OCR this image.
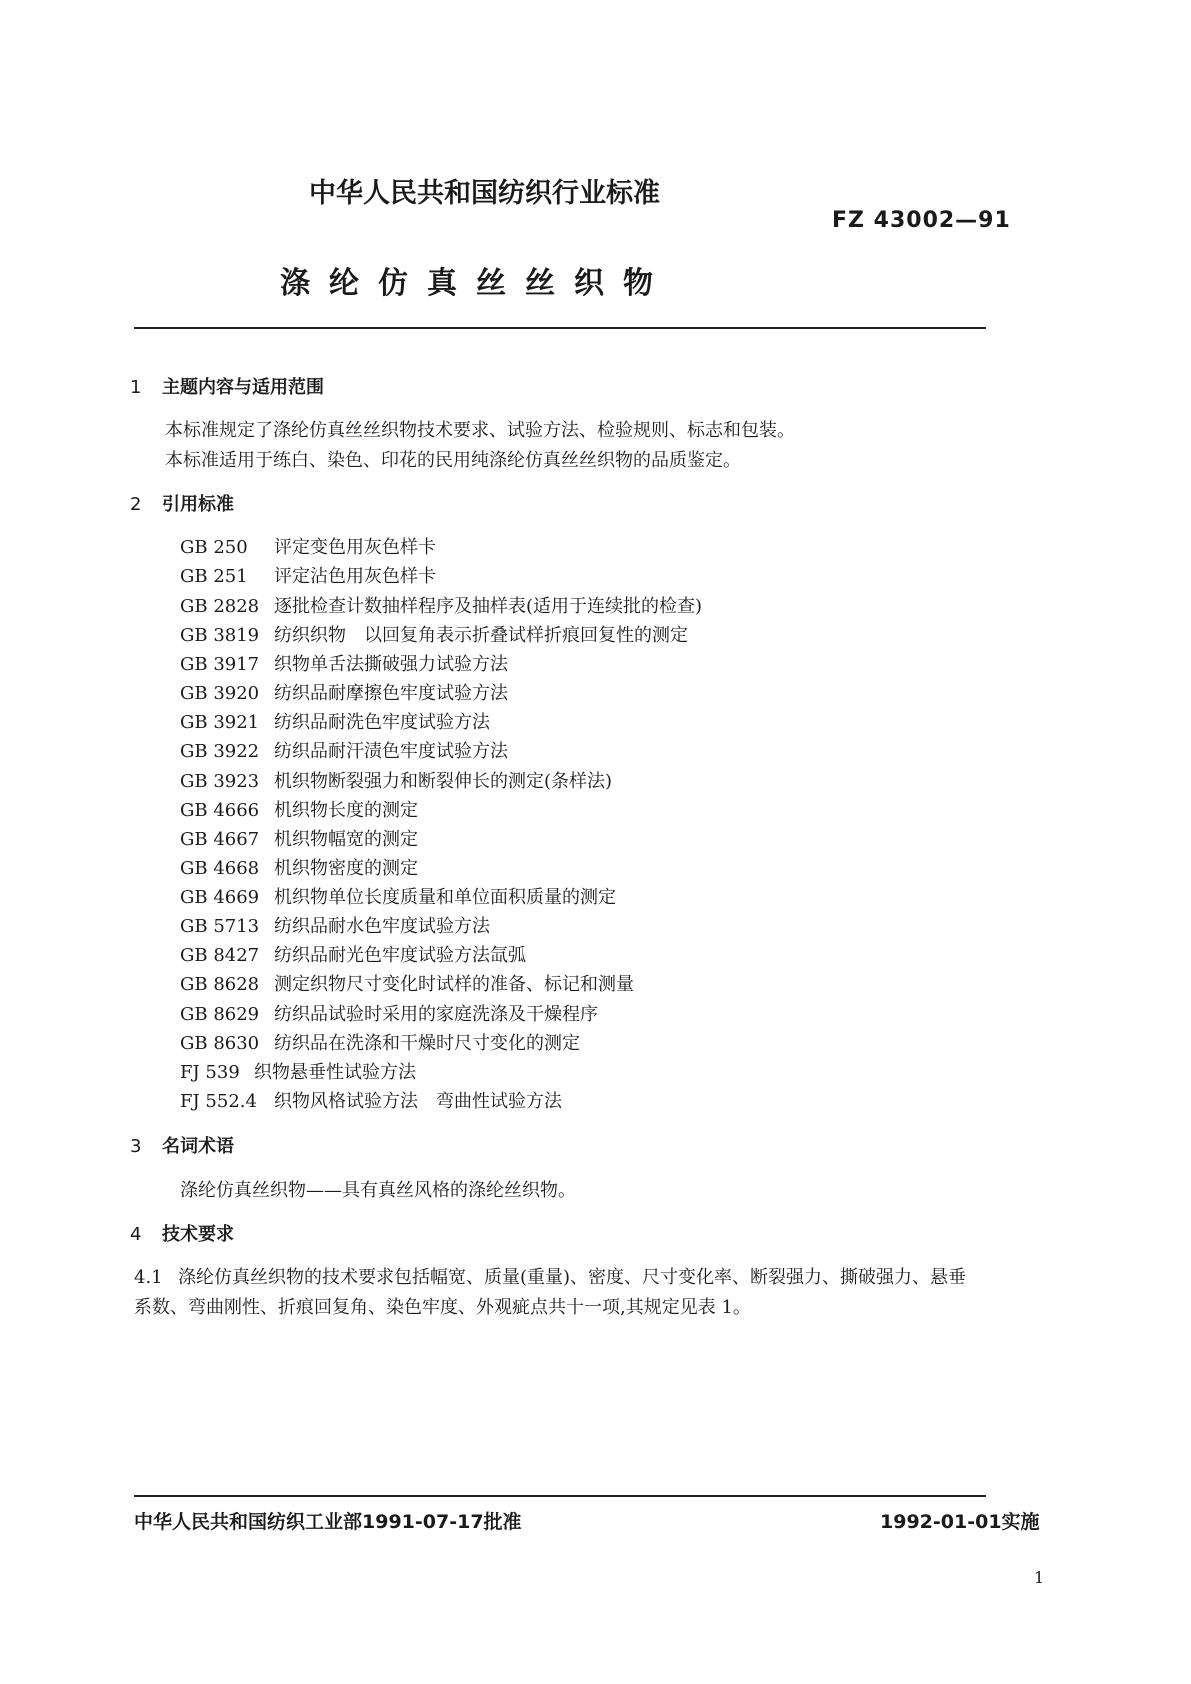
中华人民共和国纺织行业标准
FZ 43002—91
涤纶仿真丝丝织物
1 主题内容与适用范围
本标准规定了涤纶仿真丝丝织物技术要求、试验方法、检验规则、标志和包装。
本标准适用于练白、染色、印花的民用纯涤纶仿真丝丝织物的品质鉴定。
2 引用标准
GB 250 评定变色用灰色样卡
GB 251 评定沾色用灰色样卡
GB 2828 逐批检查计数抽样程序及抽样表(适用于连续批的检查)
GB 3819 纺织织物　以回复角表示折叠试样折痕回复性的测定
GB 3917 织物单舌法撕破强力试验方法
GB 3920 纺织品耐摩擦色牢度试验方法
GB 3921 纺织品耐洗色牢度试验方法
GB 3922 纺织品耐汗渍色牢度试验方法
GB 3923 机织物断裂强力和断裂伸长的测定(条样法)
GB 4666 机织物长度的测定
GB 4667 机织物幅宽的测定
GB 4668 机织物密度的测定
GB 4669 机织物单位长度质量和单位面积质量的测定
GB 5713 纺织品耐水色牢度试验方法
GB 8427 纺织品耐光色牢度试验方法氙弧
GB 8628 测定织物尺寸变化时试样的准备、标记和测量
GB 8629 纺织品试验时采用的家庭洗涤及干燥程序
GB 8630 纺织品在洗涤和干燥时尺寸变化的测定
FJ 539 织物悬垂性试验方法
FJ 552.4 织物风格试验方法　弯曲性试验方法
3 名词术语
涤纶仿真丝织物——具有真丝风格的涤纶丝织物。
4 技术要求
4.1 涤纶仿真丝织物的技术要求包括幅宽、质量(重量)、密度、尺寸变化率、断裂强力、撕破强力、悬垂
系数、弯曲刚性、折痕回复角、染色牢度、外观疵点共十一项,其规定见表 1。
中华人民共和国纺织工业部1991-07-17批准	1992-01-01实施
1
